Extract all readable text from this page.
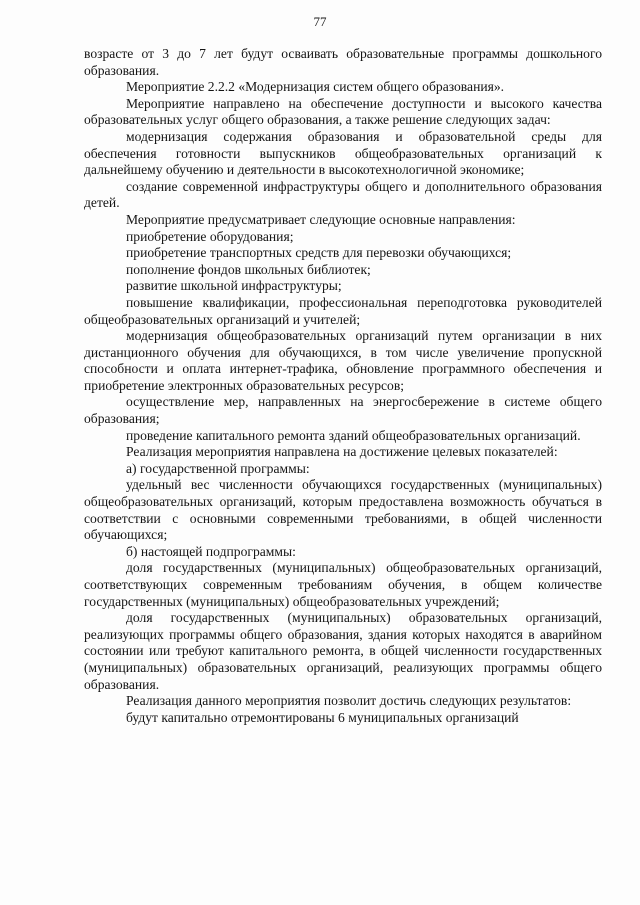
77

возрасте от 3 до 7 лет будут осваивать образовательные программы дошкольного образования.

Мероприятие 2.2.2 «Модернизация систем общего образования».

Мероприятие направлено на обеспечение доступности и высокого качества образовательных услуг общего образования, а также решение следующих задач:

модернизация содержания образования и образовательной среды для обеспечения готовности выпускников общеобразовательных организаций к дальнейшему обучению и деятельности в высокотехнологичной экономике;

создание современной инфраструктуры общего и дополнительного образования детей.

Мероприятие предусматривает следующие основные направления:

приобретение оборудования;

приобретение транспортных средств для перевозки обучающихся;

пополнение фондов школьных библиотек;

развитие школьной инфраструктуры;

повышение квалификации, профессиональная переподготовка руководителей общеобразовательных организаций и учителей;

модернизация общеобразовательных организаций путем организации в них дистанционного обучения для обучающихся, в том числе увеличение пропускной способности и оплата интернет-трафика, обновление программного обеспечения и приобретение электронных образовательных ресурсов;

осуществление мер, направленных на энергосбережение в системе общего образования;

проведение капитального ремонта зданий общеобразовательных организаций.

Реализация мероприятия направлена на достижение целевых показателей:

а) государственной программы:

удельный вес численности обучающихся государственных (муниципальных) общеобразовательных организаций, которым предоставлена возможность обучаться в соответствии с основными современными требованиями, в общей численности обучающихся;

б) настоящей подпрограммы:

доля государственных (муниципальных) общеобразовательных организаций, соответствующих современным требованиям обучения, в общем количестве государственных (муниципальных) общеобразовательных учреждений;

доля государственных (муниципальных) образовательных организаций, реализующих программы общего образования, здания которых находятся в аварийном состоянии или требуют капитального ремонта, в общей численности государственных (муниципальных) образовательных организаций, реализующих программы общего образования.

Реализация данного мероприятия позволит достичь следующих результатов:

будут капитально отремонтированы 6 муниципальных организаций
